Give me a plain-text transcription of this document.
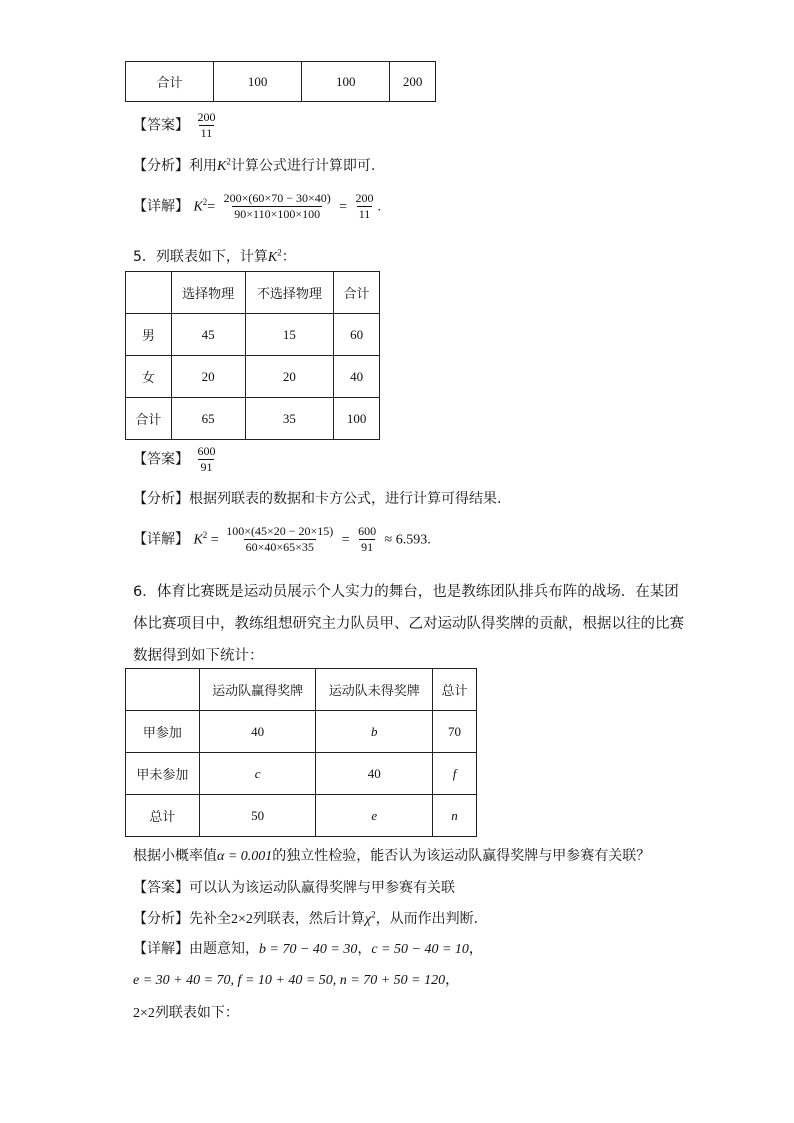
合计	100	100	200
【答案】 $\frac{200}{11}$
【分析】利用$K^2$计算公式进行计算即可.
【详解】 $K^2= \frac{200\times(60\times 70 - 30\times 40)}{90\times 110\times 100\times 100} = \frac{200}{11}$ .
5．列联表如下，计算$K^2$：
	选择物理	不选择物理	合计
男	45	15	60
女	20	20	40
合计	65	35	100
【答案】 $\frac{600}{91}$
【分析】根据列联表的数据和卡方公式，进行计算可得结果.
【详解】 $K^2 = \frac{100\times(45\times 20 - 20\times 15)}{60\times 40\times 65\times 35} = \frac{600}{91} \approx 6.593$.
6．体育比赛既是运动员展示个人实力的舞台，也是教练团队排兵布阵的战场．在某团
体比赛项目中，教练组想研究主力队员甲、乙对运动队得奖牌的贡献，根据以往的比赛
数据得到如下统计：
	运动队赢得奖牌	运动队未得奖牌	总计
甲参加	40	b	70
甲未参加	c	40	f
总计	50	e	n
根据小概率值α = 0.001的独立性检验，能否认为该运动队赢得奖牌与甲参赛有关联？
【答案】可以认为该运动队赢得奖牌与甲参赛有关联
【分析】先补全2×2列联表，然后计算$\chi^2$，从而作出判断.
【详解】由题意知，b = 70 − 40 = 30，c = 50 − 40 = 10，
e = 30 + 40 = 70, f = 10 + 40 = 50, n = 70 + 50 = 120，
2×2列联表如下：
